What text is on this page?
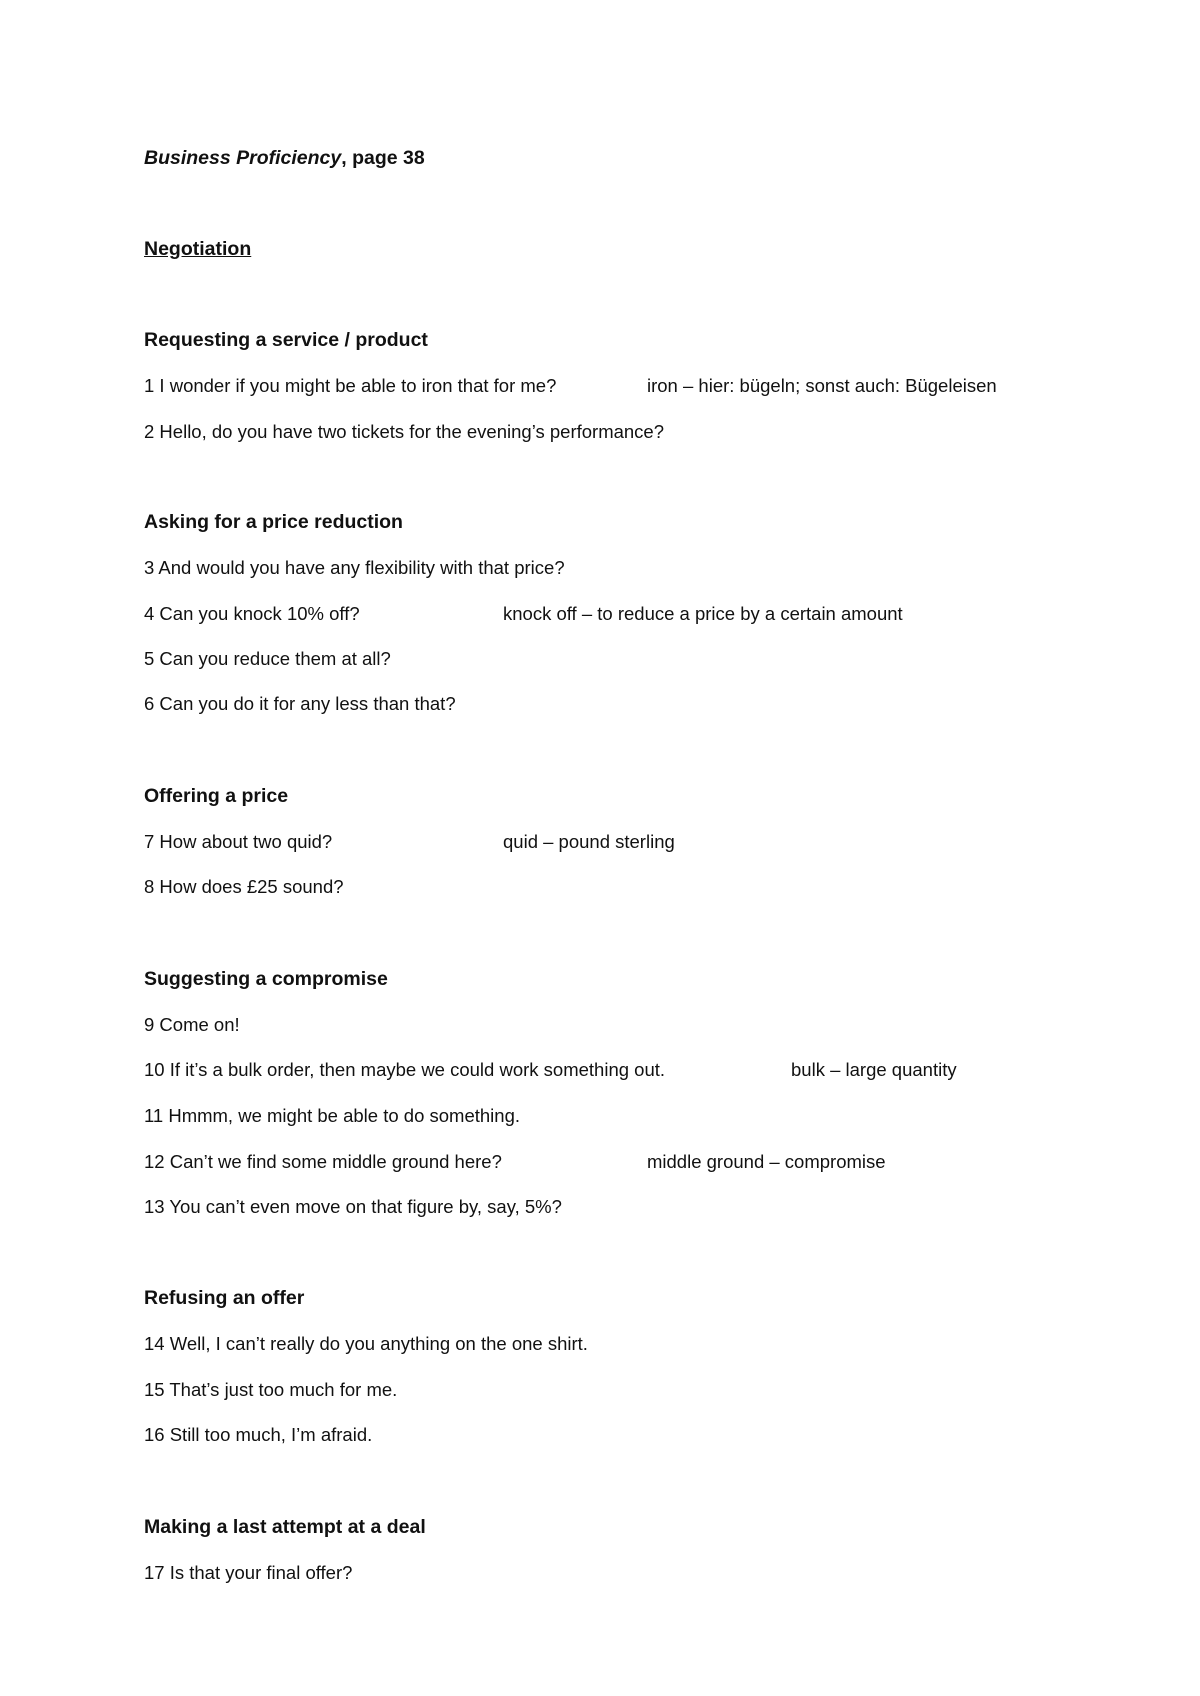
Business Proficiency, page 38
Negotiation
Requesting a service / product
1 I wonder if you might be able to iron that for me?	iron – hier: bügeln; sonst auch: Bügeleisen
2 Hello, do you have two tickets for the evening’s performance?
Asking for a price reduction
3 And would you have any flexibility with that price?
4 Can you knock 10% off?	knock off – to reduce a price by a certain amount
5 Can you reduce them at all?
6 Can you do it for any less than that?
Offering a price
7 How about two quid?	quid – pound sterling
8 How does £25 sound?
Suggesting a compromise
9 Come on!
10 If it’s a bulk order, then maybe we could work something out.	bulk – large quantity
11 Hmmm, we might be able to do something.
12 Can’t we find some middle ground here?	middle ground – compromise
13 You can’t even move on that figure by, say, 5%?
Refusing an offer
14 Well, I can’t really do you anything on the one shirt.
15 That’s just too much for me.
16 Still too much, I’m afraid.
Making a last attempt at a deal
17 Is that your final offer?
